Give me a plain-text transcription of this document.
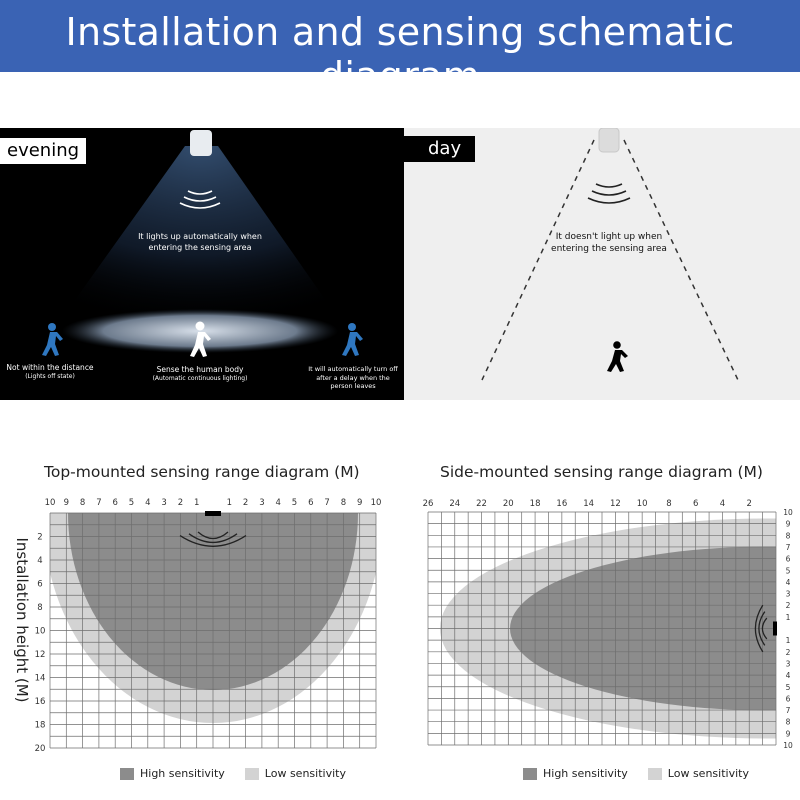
Installation and sensing schematic diagram
evening
It lights up automatically when entering the sensing area
Not within the distance
(Lights off state)
Sense the human body
(Automatic continuous lighting)
It will automatically turn off after a delay when the person leaves
day
It doesn't light up when entering the sensing area
Top-mounted sensing range diagram (M)
Installation height (M)
10 9 8 7 6 5 4 3 2 1	1 2 3 4 5 6 7 8 9 10
2
4
6
8
10
12
14
16
18
20
High sensitivity	Low sensitivity
Side-mounted sensing range diagram (M)
26 24 22 20 18 16 14 12 10 8	6	4	2
10
9
8
7
6
5
4
3
2
1
1
2
3
4
5
6
7
8
9
10
High sensitivity	Low sensitivity
